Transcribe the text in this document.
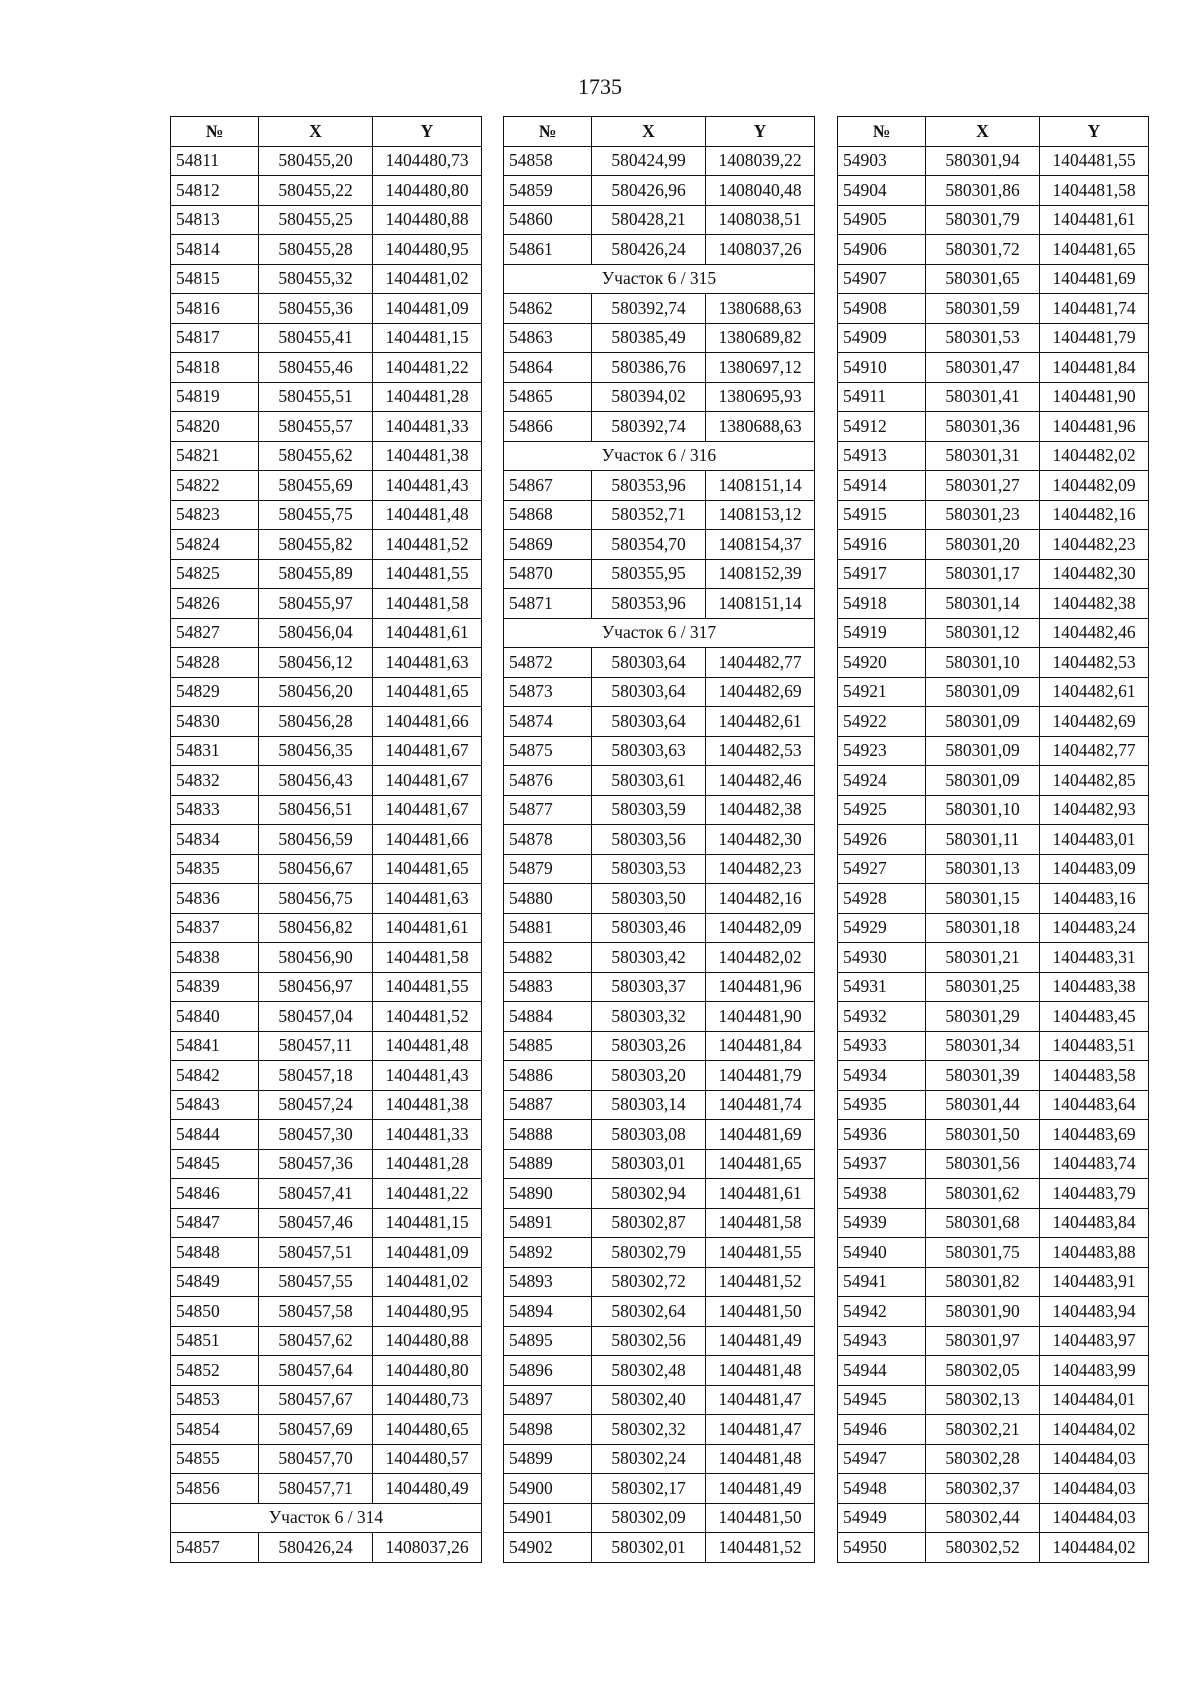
1735
№	X	Y
54811	580455,20	1404480,73
54812	580455,22	1404480,80
54813	580455,25	1404480,88
54814	580455,28	1404480,95
54815	580455,32	1404481,02
54816	580455,36	1404481,09
54817	580455,41	1404481,15
54818	580455,46	1404481,22
54819	580455,51	1404481,28
54820	580455,57	1404481,33
54821	580455,62	1404481,38
54822	580455,69	1404481,43
54823	580455,75	1404481,48
54824	580455,82	1404481,52
54825	580455,89	1404481,55
54826	580455,97	1404481,58
54827	580456,04	1404481,61
54828	580456,12	1404481,63
54829	580456,20	1404481,65
54830	580456,28	1404481,66
54831	580456,35	1404481,67
54832	580456,43	1404481,67
54833	580456,51	1404481,67
54834	580456,59	1404481,66
54835	580456,67	1404481,65
54836	580456,75	1404481,63
54837	580456,82	1404481,61
54838	580456,90	1404481,58
54839	580456,97	1404481,55
54840	580457,04	1404481,52
54841	580457,11	1404481,48
54842	580457,18	1404481,43
54843	580457,24	1404481,38
54844	580457,30	1404481,33
54845	580457,36	1404481,28
54846	580457,41	1404481,22
54847	580457,46	1404481,15
54848	580457,51	1404481,09
54849	580457,55	1404481,02
54850	580457,58	1404480,95
54851	580457,62	1404480,88
54852	580457,64	1404480,80
54853	580457,67	1404480,73
54854	580457,69	1404480,65
54855	580457,70	1404480,57
54856	580457,71	1404480,49
Участок 6 / 314		
54857	580426,24	1408037,26
№	X	Y
54858	580424,99	1408039,22
54859	580426,96	1408040,48
54860	580428,21	1408038,51
54861	580426,24	1408037,26
Участок 6 / 315		
54862	580392,74	1380688,63
54863	580385,49	1380689,82
54864	580386,76	1380697,12
54865	580394,02	1380695,93
54866	580392,74	1380688,63
Участок 6 / 316		
54867	580353,96	1408151,14
54868	580352,71	1408153,12
54869	580354,70	1408154,37
54870	580355,95	1408152,39
54871	580353,96	1408151,14
Участок 6 / 317		
54872	580303,64	1404482,77
54873	580303,64	1404482,69
54874	580303,64	1404482,61
54875	580303,63	1404482,53
54876	580303,61	1404482,46
54877	580303,59	1404482,38
54878	580303,56	1404482,30
54879	580303,53	1404482,23
54880	580303,50	1404482,16
54881	580303,46	1404482,09
54882	580303,42	1404482,02
54883	580303,37	1404481,96
54884	580303,32	1404481,90
54885	580303,26	1404481,84
54886	580303,20	1404481,79
54887	580303,14	1404481,74
54888	580303,08	1404481,69
54889	580303,01	1404481,65
54890	580302,94	1404481,61
54891	580302,87	1404481,58
54892	580302,79	1404481,55
54893	580302,72	1404481,52
54894	580302,64	1404481,50
54895	580302,56	1404481,49
54896	580302,48	1404481,48
54897	580302,40	1404481,47
54898	580302,32	1404481,47
54899	580302,24	1404481,48
54900	580302,17	1404481,49
54901	580302,09	1404481,50
54902	580302,01	1404481,52
№	X	Y
54903	580301,94	1404481,55
54904	580301,86	1404481,58
54905	580301,79	1404481,61
54906	580301,72	1404481,65
54907	580301,65	1404481,69
54908	580301,59	1404481,74
54909	580301,53	1404481,79
54910	580301,47	1404481,84
54911	580301,41	1404481,90
54912	580301,36	1404481,96
54913	580301,31	1404482,02
54914	580301,27	1404482,09
54915	580301,23	1404482,16
54916	580301,20	1404482,23
54917	580301,17	1404482,30
54918	580301,14	1404482,38
54919	580301,12	1404482,46
54920	580301,10	1404482,53
54921	580301,09	1404482,61
54922	580301,09	1404482,69
54923	580301,09	1404482,77
54924	580301,09	1404482,85
54925	580301,10	1404482,93
54926	580301,11	1404483,01
54927	580301,13	1404483,09
54928	580301,15	1404483,16
54929	580301,18	1404483,24
54930	580301,21	1404483,31
54931	580301,25	1404483,38
54932	580301,29	1404483,45
54933	580301,34	1404483,51
54934	580301,39	1404483,58
54935	580301,44	1404483,64
54936	580301,50	1404483,69
54937	580301,56	1404483,74
54938	580301,62	1404483,79
54939	580301,68	1404483,84
54940	580301,75	1404483,88
54941	580301,82	1404483,91
54942	580301,90	1404483,94
54943	580301,97	1404483,97
54944	580302,05	1404483,99
54945	580302,13	1404484,01
54946	580302,21	1404484,02
54947	580302,28	1404484,03
54948	580302,37	1404484,03
54949	580302,44	1404484,03
54950	580302,52	1404484,02
